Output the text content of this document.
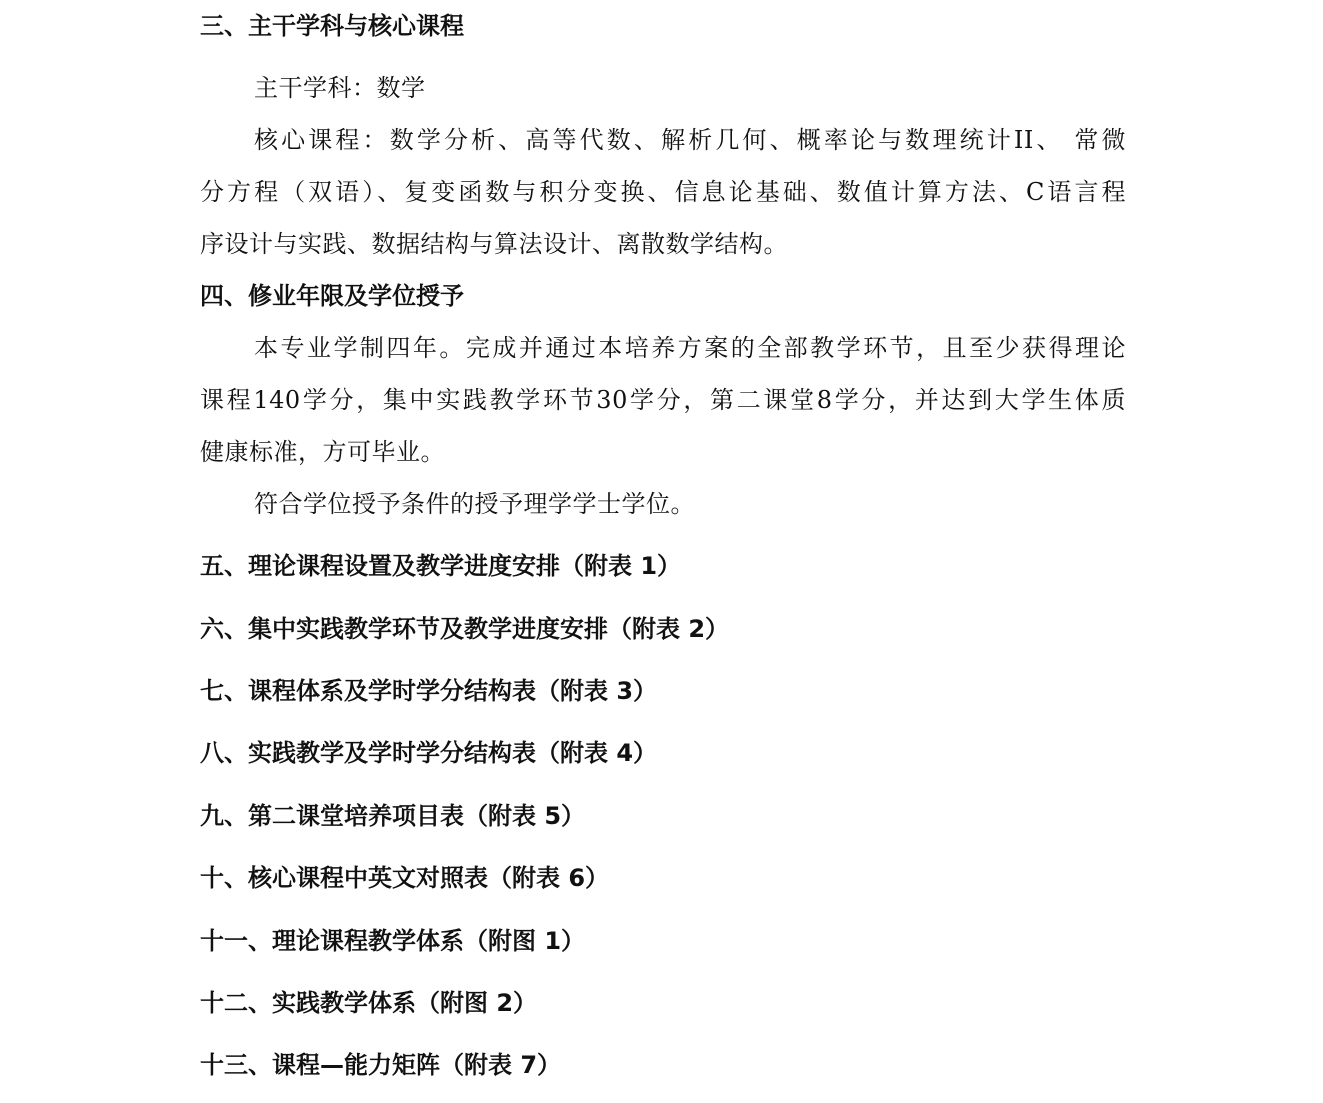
三、主干学科与核心课程
主干学科：数学
核心课程：数学分析、高等代数、解析几何、概率论与数理统计II、 常微
分方程（双语）、复变函数与积分变换、信息论基础、数值计算方法、C语言程
序设计与实践、数据结构与算法设计、离散数学结构。
四、修业年限及学位授予
本专业学制四年。完成并通过本培养方案的全部教学环节，且至少获得理论
课程140学分，集中实践教学环节30学分，第二课堂8学分，并达到大学生体质
健康标准，方可毕业。
符合学位授予条件的授予理学学士学位。
五、理论课程设置及教学进度安排（附表 1）
六、集中实践教学环节及教学进度安排（附表 2）
七、课程体系及学时学分结构表（附表 3）
八、实践教学及学时学分结构表（附表 4）
九、第二课堂培养项目表（附表 5）
十、核心课程中英文对照表（附表 6）
十一、理论课程教学体系（附图 1）
十二、实践教学体系（附图 2）
十三、课程—能力矩阵（附表 7）
